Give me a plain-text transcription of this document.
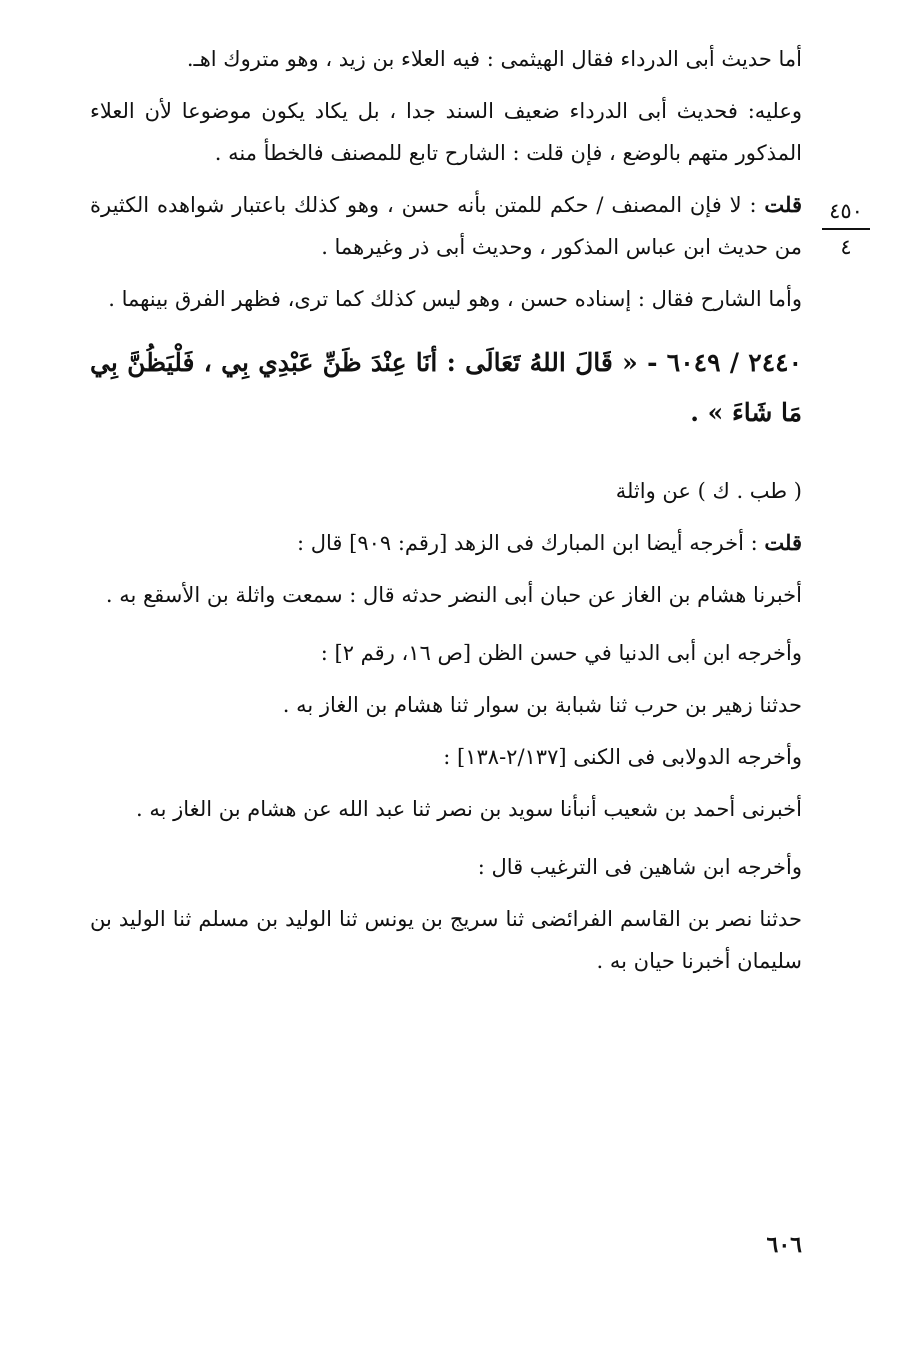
٤٥٠
٤

أما حديث أبى الدرداء فقال الهيثمى : فيه العلاء بن زيد ، وهو متروك اهـ.

وعليه: فحديث أبى الدرداء ضعيف السند جدا ، بل يكاد يكون موضوعا لأن العلاء المذكور متهم بالوضع ، فإن قلت : الشارح تابع للمصنف فالخطأ منه .

قلت : لا فإن المصنف / حكم للمتن بأنه حسن ، وهو كذلك باعتبار شواهده الكثيرة من حديث ابن عباس المذكور ، وحديث أبى ذر وغيرهما .

وأما الشارح فقال : إسناده حسن ، وهو ليس كذلك كما ترى، فظهر الفرق بينهما .

٢٤٤٠ / ٦٠٤٩ - « قَالَ اللهُ تَعَالَى : أنَا عِنْدَ ظَنِّ عَبْدِي بِي ، فَلْيَظُنَّ بِي مَا شَاءَ » .

( طب . ك ) عن واثلة

قلت : أخرجه أيضا ابن المبارك فى الزهد [رقم: ٩٠٩] قال :

أخبرنا هشام بن الغاز عن حبان أبى النضر حدثه قال : سمعت واثلة بن الأسقع به .

وأخرجه ابن أبى الدنيا في حسن الظن [ص ١٦، رقم ٢] :

حدثنا زهير بن حرب ثنا شبابة بن سوار ثنا هشام بن الغاز به .

وأخرجه الدولابى فى الكنى [٢/١٣٧-١٣٨] :

أخبرنى أحمد بن شعيب أنبأنا سويد بن نصر ثنا عبد الله عن هشام بن الغاز به .

وأخرجه ابن شاهين فى الترغيب قال :

حدثنا نصر بن القاسم الفرائضى ثنا سريج بن يونس ثنا الوليد بن مسلم ثنا الوليد بن سليمان أخبرنا حيان به .

٦٠٦
